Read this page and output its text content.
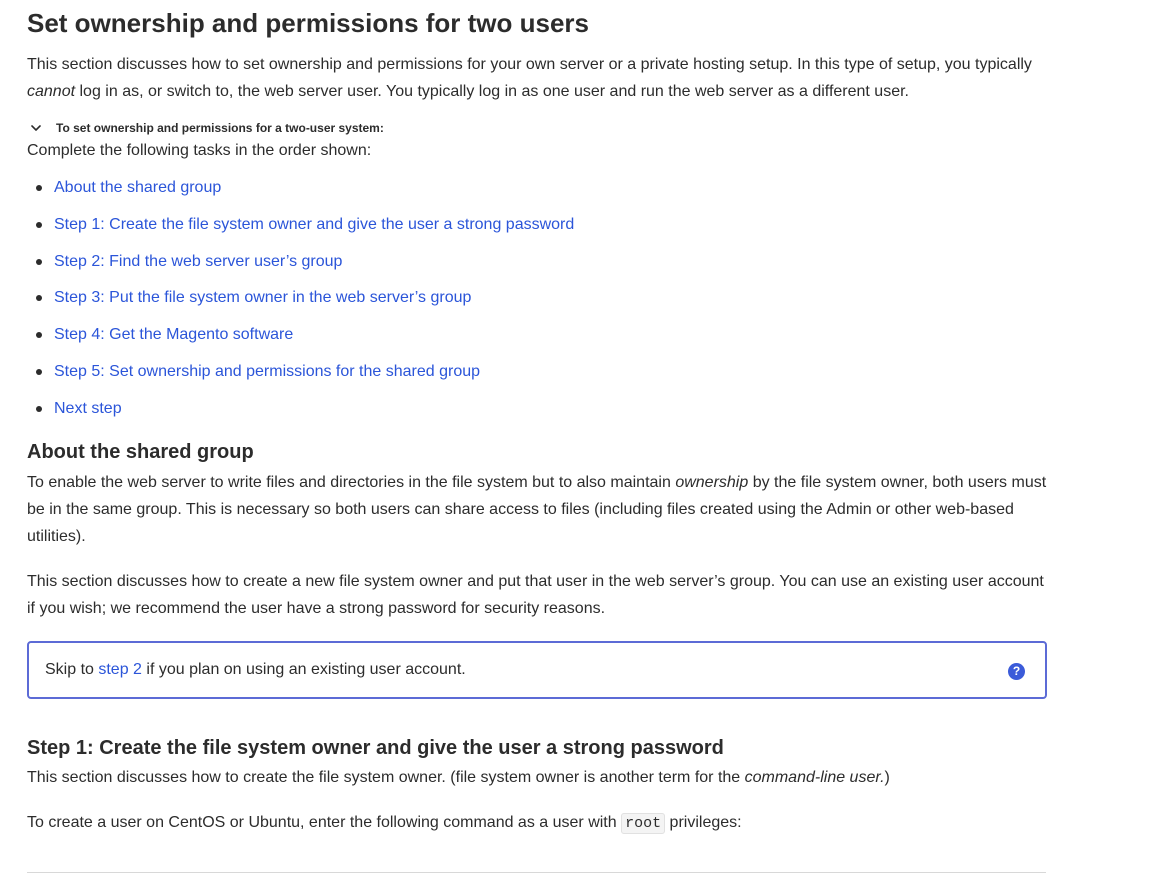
Set ownership and permissions for two users

This section discusses how to set ownership and permissions for your own server or a private hosting setup. In this type of setup, you typically cannot log in as, or switch to, the web server user. You typically log in as one user and run the web server as a different user.

To set ownership and permissions for a two-user system:

Complete the following tasks in the order shown:

About the shared group
Step 1: Create the file system owner and give the user a strong password
Step 2: Find the web server user’s group
Step 3: Put the file system owner in the web server’s group
Step 4: Get the Magento software
Step 5: Set ownership and permissions for the shared group
Next step
About the shared group

To enable the web server to write files and directories in the file system but to also maintain ownership by the file system owner, both users must be in the same group. This is necessary so both users can share access to files (including files created using the Admin or other web-based utilities).

This section discusses how to create a new file system owner and put that user in the web server’s group. You can use an existing user account if you wish; we recommend the user have a strong password for security reasons.

Skip to step 2 if you plan on using an existing user account.	?
Step 1: Create the file system owner and give the user a strong password

This section discusses how to create the file system owner. (file system owner is another term for the command-line user.)

To create a user on CentOS or Ubuntu, enter the following command as a user with root privileges:
